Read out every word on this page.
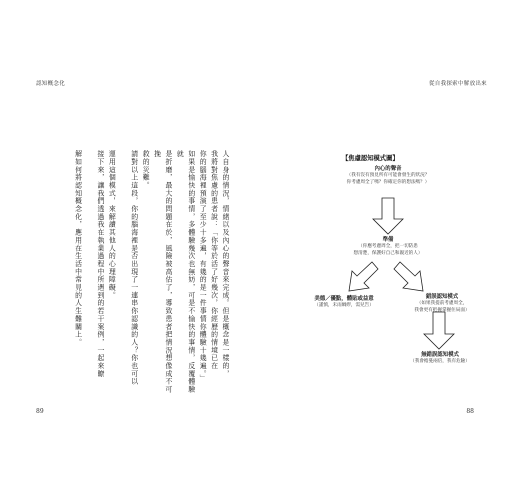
認知概念化	從自我探索中解放出來

人自身的情況，情緒以及內心的聲音來完成。但是概念是一樣的，

我將對焦慮的患者說：「你等於活了好幾次，你經歷的情境已在

你的腦海裡預演了至少十多遍，有幾的是一件事情你體驗十幾遍。」

如果是愉快的事情，多體驗幾次也無妨，可是不愉快的事情，反覆體驗就

是折磨，最大的問題在於，風險被高估了，導致患者把情況想像成不可挽

救的災難。

請對以上這段，你的腦海裡是否出現了一連串你認識的人？你也可以

運用這個模式，來解讀其他人的心理障礙。

接下來，讓我們透過我在執業過程中所遇到的若干案例，一起來瞭

解如何將認知概念化，應用在生活中常見的人生難關上。	【焦慮認知模式圖】
內心的聲音
（我有沒有預見所有可能會發生的狀況？
你考慮周全了嗎？你確定你的想法嗎？）
準備
（你應考慮周全，把一切防患
想清楚，保護好自己和親近的人）
美德／優點，體貼或益意
（謹慎，未雨綢繆，需兒告）
錯誤認知模式
（如果我提前考慮周全，
我會更有把握掌握住局面）
無錯誤認知模式
（我會擔憂兩倍，我有危險）
89	88
